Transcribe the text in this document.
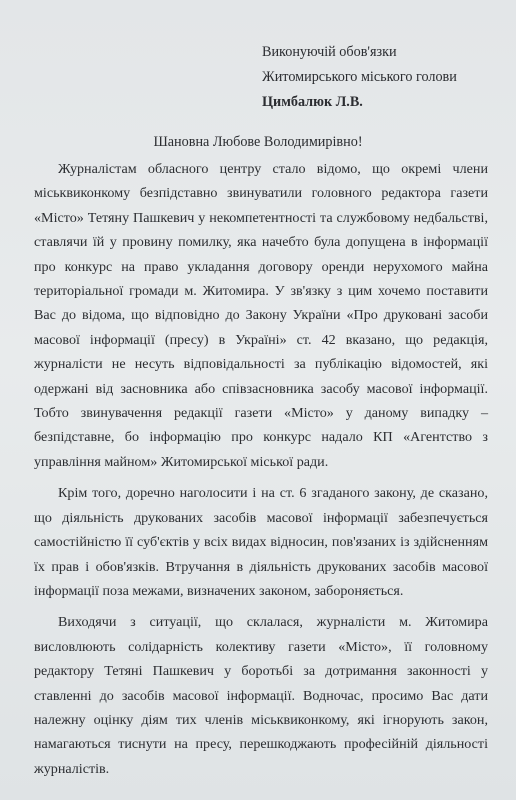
Виконуючій обов'язки
Житомирського міського голови
Цимбалюк Л.В.
Шановна Любове Володимирівно!

Журналістам обласного центру стало відомо, що окремі члени міськвиконкому безпідставно звинуватили головного редактора газети «Місто» Тетяну Пашкевич у некомпетентності та службовому недбальстві, ставлячи їй у провину помилку, яка начебто була допущена в інформації про конкурс на право укладання договору оренди нерухомого майна територіальної громади м. Житомира. У зв'язку з цим хочемо поставити Вас до відома, що відповідно до Закону України «Про друковані засоби масової інформації (пресу) в Україні» ст. 42 вказано, що редакція, журналісти не несуть відповідальності за публікацію відомостей, які одержані від засновника або співзасновника засобу масової інформації. Тобто звинувачення редакції газети «Місто» у даному випадку – безпідставне, бо інформацію про конкурс надало КП «Агентство з управління майном» Житомирської міської ради.

Крім того, доречно наголосити і на ст. 6 згаданого закону, де сказано, що діяльність друкованих засобів масової інформації забезпечується самостійністю її суб'єктів у всіх видах відносин, пов'язаних із здійсненням їх прав і обов'язків. Втручання в діяльність друкованих засобів масової інформації поза межами, визначених законом, забороняється.

Виходячи з ситуації, що склалася, журналісти м. Житомира висловлюють солідарність колективу газети «Місто», її головному редактору Тетяні Пашкевич у боротьбі за дотримання законності у ставленні до засобів масової інформації. Водночас, просимо Вас дати належну оцінку діям тих членів міськвиконкому, які ігнорують закон, намагаються тиснути на пресу, перешкоджають професійній діяльності журналістів.
